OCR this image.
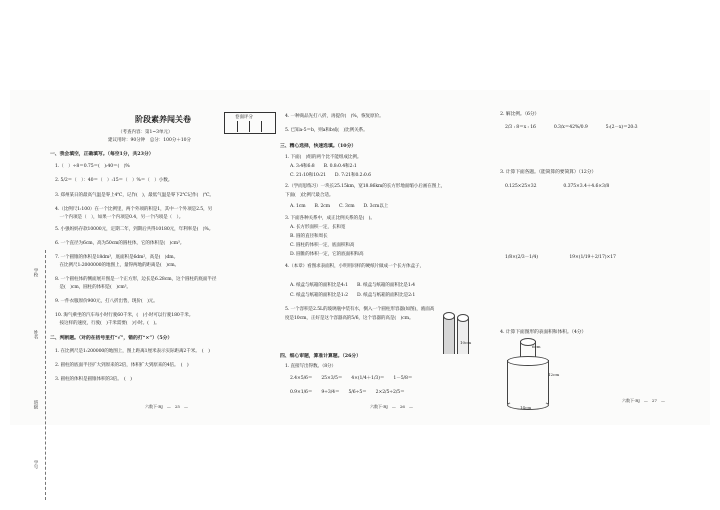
学校
姓名
班级
学号
阶段素养闯关卷
（考查内容：第1~3单元）
建议用时：90分钟　总分：100分＋10分
卷面评分
一、我会填空，正确填写。（每空1分，共23分）
1.（　）÷8＝0.75＝(　):40＝(　)%
2. 5/2＝（　）：40＝（　）:15＝（　）%＝（　）小数。
3. 郑州某日的最高气温是零上4℃，记作(　)，最低气温是零下2℃记作(　)℃。
4.（比例尺1:100）在一个比例里，两个外项的积是1，其中一个外项是2.5，另
　一个内项是（　），如果一个内项是0.4，另一个内项是（　）。
5. 小强妈妈存款10000元，定期二年，到期后共得10180元，年利率是(　)%。
6. 一个直径为6cm，高为50cm的圆柱体，它的体积是(　)cm³。
7. 一个圆锥的体积是18dm³，底面积是6dm²，高是(　)dm。
　在比例尺1:2000000的地图上，量得两地的距离是(　)cm。
8. 一个圆柱体的侧面展开图是一个正方形，边长是6.28cm，这个圆柱的底面半径
　是(　)cm，圆柱的体积是(　)cm³。
9. 一件衣服原价900元，打八折出售，现价(　)元。
10. 淘气乘坐的汽车每小时行驶60千米，(　)小时可以行驶180千米。
　按这样的速度，行驶(　)千米需要(　)小时。(　)。
二、判断题。（对的在括号里打“√”，错的打“×”）（5分）
1. 在比例尺是1:200000的地图上，图上距离1厘米表示实际距离2千米。　(　)
2. 圆柱的底面半径扩大到原来的2倍，体积扩大到原来的4倍。　(　)
3. 圆柱的体积是圆锥体积的3倍。　(　)
六数下·RJ　—　25　—
4. 一种商品先打八折，再提价(　)%，恢复原价。
5. 已知a-5＝b，则a和b成(　)比例关系。
三、精心选择，快速选填。（10分）
1. 下面(　)组的两个比不能组成比例。
A. 3:4和6:8　　B. 0.8:0.4和2:1
C. 21:10和10:21　　D. 7:21和0.2:0.6
2.（学而思练习）一块长25.15km，宽18.86km的长方形地面缩小后画在图上，
下面(　)比例尺最合适。
A. 1cm　　B. 2cm　　C. 3cm　　D. 3cm以上
3. 下面各种关系中，成正比例关系的是(　)。
A. 长方形面积一定，长和宽
B. 圆的直径和周长
C. 圆柱的体积一定，底面积和高
D. 圆锥的体积一定，它的底面积和高
4.（本章）看图求表面积，小明用同样的硬纸片做成一个长方体盒子，
A. 纸盒与纸箱的面积比是4:1　　B. 纸盒与纸箱的面积比是1:4
C. 纸盒与纸箱的面积比是1:2　　D. 纸盒与纸箱的面积比是2:1
5. 一个容积是2.5L的玻璃瓶中装有水，倒入一个圆柱形容器(如图)，液面高
度是10cm，正好是这个容器高的5/6，这个容器的高是(　)cm。
10cm
四、细心审题，算准计算题。（26分）
1. 直接写出得数。（8分）
2.4×5/6＝　　25×3/5＝　　4×(1/4＋1/3)＝　　1－5/8＝
0.9×1/6＝　　9÷3/4＝　　5/6÷5＝　　2×2/5÷2/5＝
六数下·RJ　—　26　—
2. 解比例。（6分）
2/3 : 8＝x : 16　　　　0.3/x＝42%/0.9　　　　5:(2－x)＝20:3
3. 计算下面各题。（能简算的要简算）（12分）
0.125×25×32　　　　　　0.375×3.4＋4.6×3/8
1/8×(2/3－1/4)　　　　　　　19×(1/19＋2/17)×17
4. 计算下面图形的表面积和体积。（4分）
6cm
12cm
14cm
六数下·RJ　—　27　—
